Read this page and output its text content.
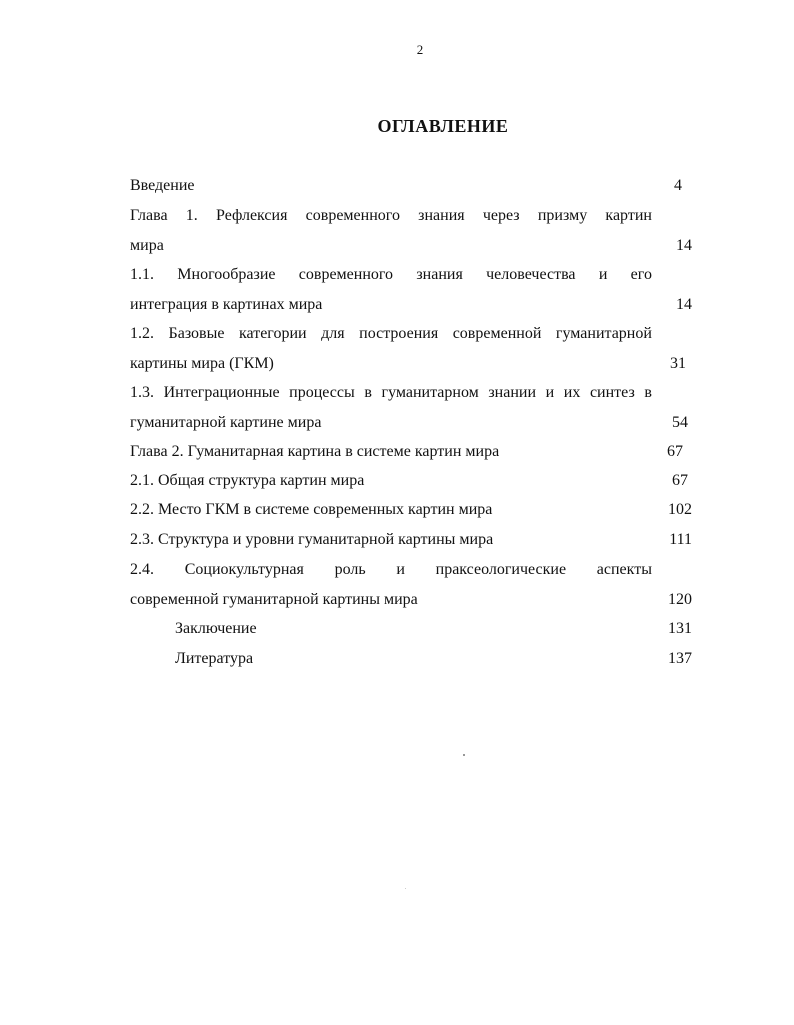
2
ОГЛАВЛЕНИЕ
Введение	4
Глава 1. Рефлексия современного знания через призму картин
мира	14
1.1. Многообразие современного знания человечества и его
интеграция в картинах мира	14
1.2. Базовые категории для построения современной гуманитарной
картины мира (ГКМ)	31
1.3. Интеграционные процессы в гуманитарном знании и их синтез в
гуманитарной картине мира	54
Глава 2. Гуманитарная картина в системе картин мира	67
2.1. Общая структура картин мира	67
2.2. Место ГКМ в системе современных картин мира	102
2.3. Структура и уровни гуманитарной картины мира	111
2.4. Социокультурная роль и праксеологические аспекты
современной гуманитарной картины мира	120
Заключение	131
Литература	137
